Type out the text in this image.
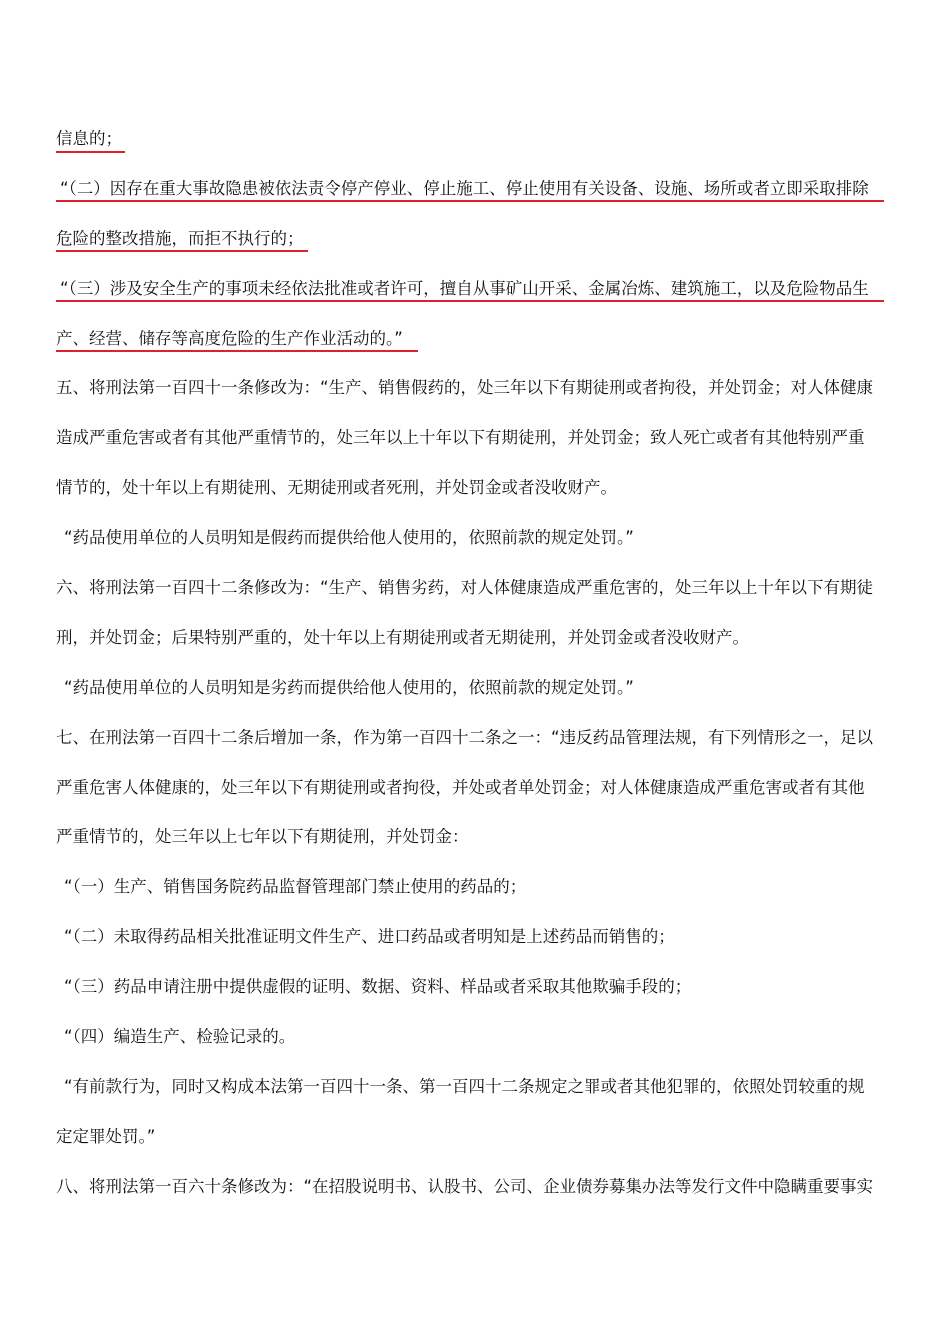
信息的；
“（二）因存在重大事故隐患被依法责令停产停业、停止施工、停止使用有关设备、设施、场所或者立即采取排除
危险的整改措施，而拒不执行的；
“（三）涉及安全生产的事项未经依法批准或者许可，擅自从事矿山开采、金属冶炼、建筑施工，以及危险物品生
产、经营、储存等高度危险的生产作业活动的。”
五、将刑法第一百四十一条修改为：“生产、销售假药的，处三年以下有期徒刑或者拘役，并处罚金；对人体健康
造成严重危害或者有其他严重情节的，处三年以上十年以下有期徒刑，并处罚金；致人死亡或者有其他特别严重
情节的，处十年以上有期徒刑、无期徒刑或者死刑，并处罚金或者没收财产。
“药品使用单位的人员明知是假药而提供给他人使用的，依照前款的规定处罚。”
六、将刑法第一百四十二条修改为：“生产、销售劣药，对人体健康造成严重危害的，处三年以上十年以下有期徒
刑，并处罚金；后果特别严重的，处十年以上有期徒刑或者无期徒刑，并处罚金或者没收财产。
“药品使用单位的人员明知是劣药而提供给他人使用的，依照前款的规定处罚。”
七、在刑法第一百四十二条后增加一条，作为第一百四十二条之一：“违反药品管理法规，有下列情形之一，足以
严重危害人体健康的，处三年以下有期徒刑或者拘役，并处或者单处罚金；对人体健康造成严重危害或者有其他
严重情节的，处三年以上七年以下有期徒刑，并处罚金：
“（一）生产、销售国务院药品监督管理部门禁止使用的药品的；
“（二）未取得药品相关批准证明文件生产、进口药品或者明知是上述药品而销售的；
“（三）药品申请注册中提供虚假的证明、数据、资料、样品或者采取其他欺骗手段的；
“（四）编造生产、检验记录的。
“有前款行为，同时又构成本法第一百四十一条、第一百四十二条规定之罪或者其他犯罪的，依照处罚较重的规
定定罪处罚。”
八、将刑法第一百六十条修改为：“在招股说明书、认股书、公司、企业债券募集办法等发行文件中隐瞒重要事实
